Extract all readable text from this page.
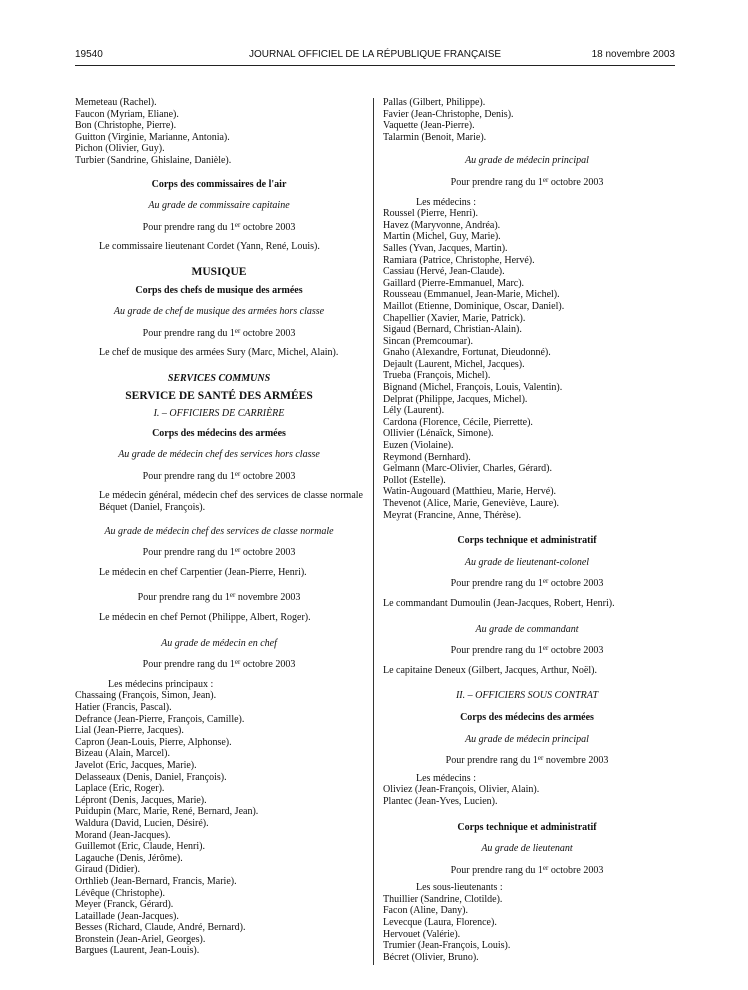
19540	JOURNAL OFFICIEL DE LA RÉPUBLIQUE FRANÇAISE	18 novembre 2003

Memeteau (Rachel).

Faucon (Myriam, Eliane).

Bon (Christophe, Pierre).

Guitton (Virginie, Marianne, Antonia).

Pichon (Olivier, Guy).

Turbier (Sandrine, Ghislaine, Danièle).

Corps des commissaires de l'air

Au grade de commissaire capitaine

Pour prendre rang du 1er octobre 2003

Le commissaire lieutenant Cordet (Yann, René, Louis).

MUSIQUE

Corps des chefs de musique des armées

Au grade de chef de musique des armées hors classe

Pour prendre rang du 1er octobre 2003

Le chef de musique des armées Sury (Marc, Michel, Alain).

SERVICES COMMUNS

SERVICE DE SANTÉ DES ARMÉES

I. – OFFICIERS DE CARRIÈRE

Corps des médecins des armées

Au grade de médecin chef des services hors classe

Pour prendre rang du 1er octobre 2003

Le médecin général, médecin chef des services de classe normale Béquet (Daniel, François).

Au grade de médecin chef des services de classe normale

Pour prendre rang du 1er octobre 2003

Le médecin en chef Carpentier (Jean-Pierre, Henri).

Pour prendre rang du 1er novembre 2003

Le médecin en chef Pernot (Philippe, Albert, Roger).

Au grade de médecin en chef

Pour prendre rang du 1er octobre 2003

Les médecins principaux :

Chassaing (François, Simon, Jean).

Hatier (Francis, Pascal).

Defrance (Jean-Pierre, François, Camille).

Lial (Jean-Pierre, Jacques).

Capron (Jean-Louis, Pierre, Alphonse).

Bizeau (Alain, Marcel).

Javelot (Eric, Jacques, Marie).

Delasseaux (Denis, Daniel, François).

Laplace (Eric, Roger).

Lépront (Denis, Jacques, Marie).

Puidupin (Marc, Marie, René, Bernard, Jean).

Waldura (David, Lucien, Désiré).

Morand (Jean-Jacques).

Guillemot (Eric, Claude, Henri).

Lagauche (Denis, Jérôme).

Giraud (Didier).

Orthlieb (Jean-Bernard, Francis, Marie).

Lévêque (Christophe).

Meyer (Franck, Gérard).

Lataillade (Jean-Jacques).

Besses (Richard, Claude, André, Bernard).

Bronstein (Jean-Ariel, Georges).

Bargues (Laurent, Jean-Louis).

Pallas (Gilbert, Philippe).

Favier (Jean-Christophe, Denis).

Vaquette (Jean-Pierre).

Talarmin (Benoit, Marie).

Au grade de médecin principal

Pour prendre rang du 1er octobre 2003

Les médecins :

Roussel (Pierre, Henri).

Havez (Maryvonne, Andréa).

Martin (Michel, Guy, Marie).

Salles (Yvan, Jacques, Martin).

Ramiara (Patrice, Christophe, Hervé).

Cassiau (Hervé, Jean-Claude).

Gaillard (Pierre-Emmanuel, Marc).

Rousseau (Emmanuel, Jean-Marie, Michel).

Maillot (Etienne, Dominique, Oscar, Daniel).

Chapellier (Xavier, Marie, Patrick).

Sigaud (Bernard, Christian-Alain).

Sincan (Premcoumar).

Gnaho (Alexandre, Fortunat, Dieudonné).

Dejault (Laurent, Michel, Jacques).

Trueba (François, Michel).

Bignand (Michel, François, Louis, Valentin).

Delprat (Philippe, Jacques, Michel).

Lély (Laurent).

Cardona (Florence, Cécile, Pierrette).

Ollivier (Lénaïck, Simone).

Euzen (Violaine).

Reymond (Bernhard).

Gelmann (Marc-Olivier, Charles, Gérard).

Pollot (Estelle).

Watin-Augouard (Matthieu, Marie, Hervé).

Thevenot (Alice, Marie, Geneviève, Laure).

Meyrat (Francine, Anne, Thérèse).

Corps technique et administratif

Au grade de lieutenant-colonel

Pour prendre rang du 1er octobre 2003

Le commandant Dumoulin (Jean-Jacques, Robert, Henri).

Au grade de commandant

Pour prendre rang du 1er octobre 2003

Le capitaine Deneux (Gilbert, Jacques, Arthur, Noël).

II. – OFFICIERS SOUS CONTRAT

Corps des médecins des armées

Au grade de médecin principal

Pour prendre rang du 1er novembre 2003

Les médecins :

Oliviez (Jean-François, Olivier, Alain).

Plantec (Jean-Yves, Lucien).

Corps technique et administratif

Au grade de lieutenant

Pour prendre rang du 1er octobre 2003

Les sous-lieutenants :

Thuillier (Sandrine, Clotilde).

Facon (Aline, Dany).

Levecque (Laura, Florence).

Hervouet (Valérie).

Trumier (Jean-François, Louis).

Bécret (Olivier, Bruno).
